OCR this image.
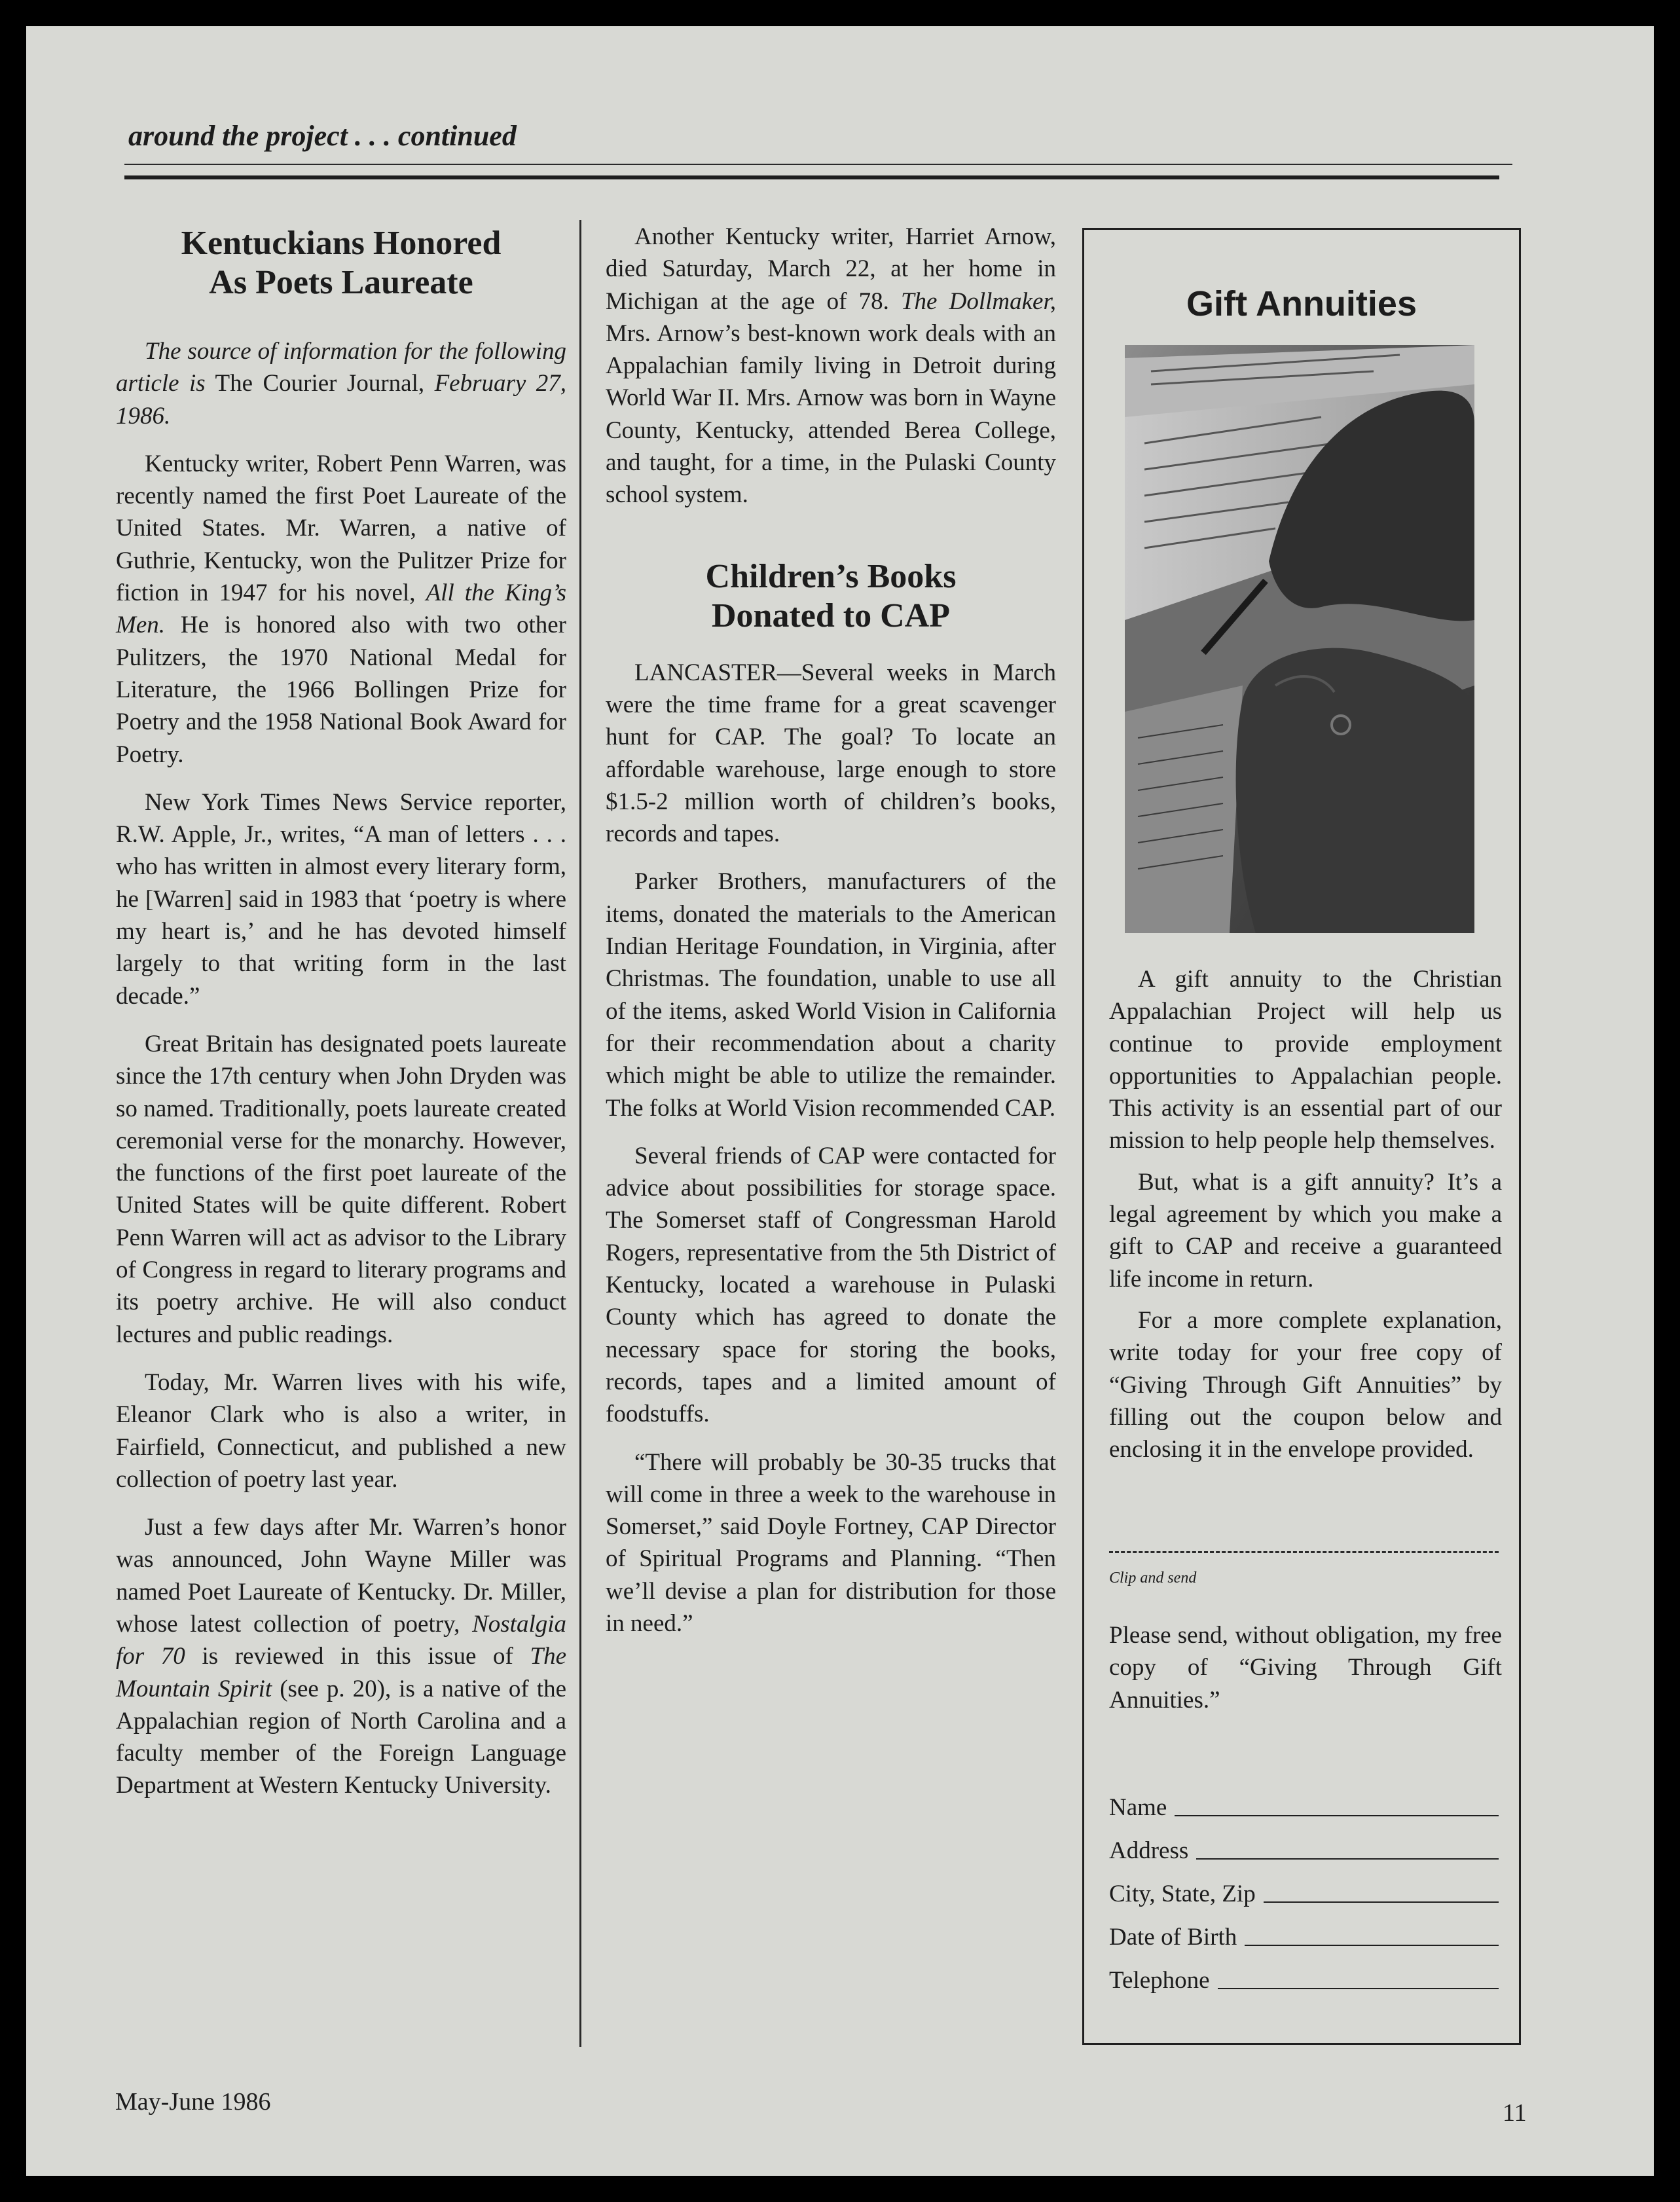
around the project . . . continued
Kentuckians Honored
As Poets Laureate

The source of information for the following article is The Courier Journal, February 27, 1986.

Kentucky writer, Robert Penn Warren, was recently named the first Poet Laureate of the United States. Mr. Warren, a native of Guthrie, Kentucky, won the Pulitzer Prize for fiction in 1947 for his novel, All the King’s Men. He is honored also with two other Pulitzers, the 1970 National Medal for Literature, the 1966 Bollingen Prize for Poetry and the 1958 National Book Award for Poetry.

New York Times News Service reporter, R.W. Apple, Jr., writes, “A man of letters . . . who has written in almost every literary form, he [Warren] said in 1983 that ‘poetry is where my heart is,’ and he has devoted himself largely to that writing form in the last decade.”

Great Britain has designated poets laureate since the 17th century when John Dryden was so named. Traditionally, poets laureate created ceremonial verse for the monarchy. However, the functions of the first poet laureate of the United States will be quite different. Robert Penn Warren will act as advisor to the Library of Congress in regard to literary programs and its poetry archive. He will also conduct lectures and public readings.

Today, Mr. Warren lives with his wife, Eleanor Clark who is also a writer, in Fairfield, Connecticut, and published a new collection of poetry last year.

Just a few days after Mr. Warren’s honor was announced, John Wayne Miller was named Poet Laureate of Kentucky. Dr. Miller, whose latest collection of poetry, Nostalgia for 70 is reviewed in this issue of The Mountain Spirit (see p. 20), is a native of the Appalachian region of North Carolina and a faculty member of the Foreign Language Department at Western Kentucky University.

Another Kentucky writer, Harriet Arnow, died Saturday, March 22, at her home in Michigan at the age of 78. The Dollmaker, Mrs. Arnow’s best-known work deals with an Appalachian family living in Detroit during World War II. Mrs. Arnow was born in Wayne County, Kentucky, attended Berea College, and taught, for a time, in the Pulaski County school system.

Children’s Books
Donated to CAP

LANCASTER—Several weeks in March were the time frame for a great scavenger hunt for CAP. The goal? To locate an affordable warehouse, large enough to store $1.5-2 million worth of children’s books, records and tapes.

Parker Brothers, manufacturers of the items, donated the materials to the American Indian Heritage Foundation, in Virginia, after Christmas. The foundation, unable to use all of the items, asked World Vision in California for their recommendation about a charity which might be able to utilize the remainder. The folks at World Vision recommended CAP.

Several friends of CAP were contacted for advice about possibilities for storage space. The Somerset staff of Congressman Harold Rogers, representative from the 5th District of Kentucky, located a warehouse in Pulaski County which has agreed to donate the necessary space for storing the books, records, tapes and a limited amount of foodstuffs.

“There will probably be 30-35 trucks that will come in three a week to the warehouse in Somerset,” said Doyle Fortney, CAP Director of Spiritual Programs and Planning. “Then we’ll devise a plan for distribution for those in need.”

Gift Annuities

A gift annuity to the Christian Appalachian Project will help us continue to provide employment opportunities to Appalachian people. This activity is an essential part of our mission to help people help themselves.

But, what is a gift annuity? It’s a legal agreement by which you make a gift to CAP and receive a guaranteed life income in return.

For a more complete explanation, write today for your free copy of “Giving Through Gift Annuities” by filling out the coupon below and enclosing it in the envelope provided.

Clip and send
Please send, without obligation, my free copy of “Giving Through Gift Annuities.”
Name
Address
City, State, Zip
Date of Birth
Telephone
May-June 1986	11
